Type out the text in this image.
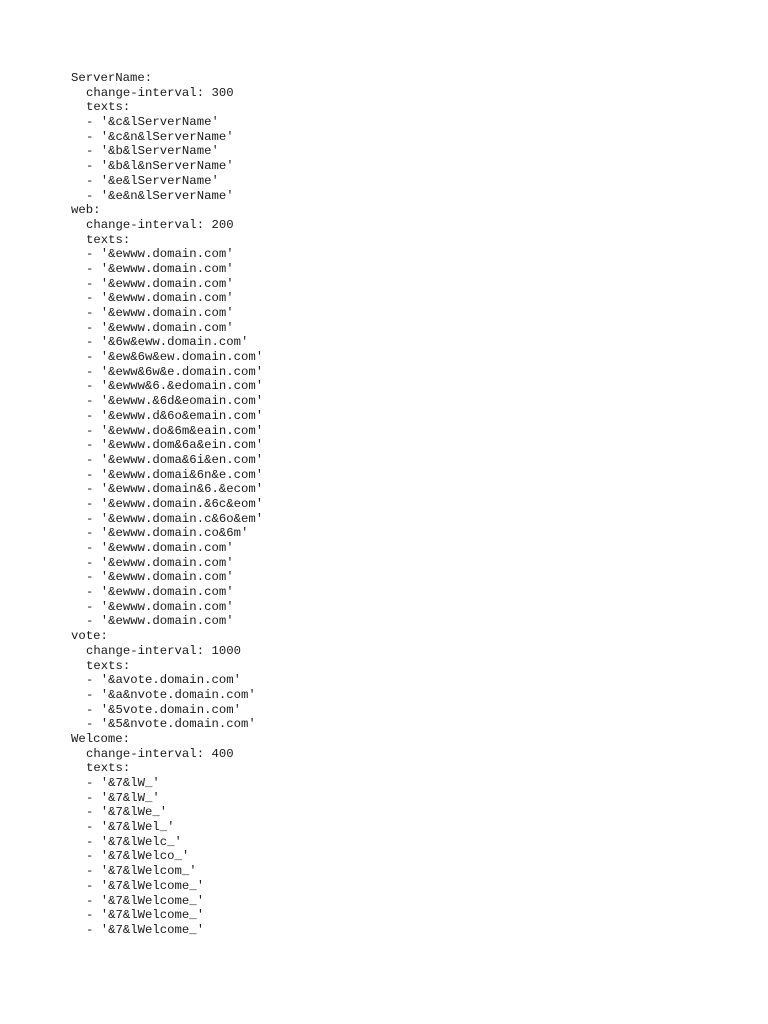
ServerName:
change-interval: 300
texts:
- '&c&lServerName'
- '&c&n&lServerName'
- '&b&lServerName'
- '&b&l&nServerName'
- '&e&lServerName'
- '&e&n&lServerName'
web:
change-interval: 200
texts:
- '&ewww.domain.com'
- '&ewww.domain.com'
- '&ewww.domain.com'
- '&ewww.domain.com'
- '&ewww.domain.com'
- '&ewww.domain.com'
- '&6w&eww.domain.com'
- '&ew&6w&ew.domain.com'
- '&eww&6w&e.domain.com'
- '&ewww&6.&edomain.com'
- '&ewww.&6d&eomain.com'
- '&ewww.d&6o&emain.com'
- '&ewww.do&6m&eain.com'
- '&ewww.dom&6a&ein.com'
- '&ewww.doma&6i&en.com'
- '&ewww.domai&6n&e.com'
- '&ewww.domain&6.&ecom'
- '&ewww.domain.&6c&eom'
- '&ewww.domain.c&6o&em'
- '&ewww.domain.co&6m'
- '&ewww.domain.com'
- '&ewww.domain.com'
- '&ewww.domain.com'
- '&ewww.domain.com'
- '&ewww.domain.com'
- '&ewww.domain.com'
vote:
change-interval: 1000
texts:
- '&avote.domain.com'
- '&a&nvote.domain.com'
- '&5vote.domain.com'
- '&5&nvote.domain.com'
Welcome:
change-interval: 400
texts:
- '&7&lW_'
- '&7&lW_'
- '&7&lWe_'
- '&7&lWel_'
- '&7&lWelc_'
- '&7&lWelco_'
- '&7&lWelcom_'
- '&7&lWelcome_'
- '&7&lWelcome_'
- '&7&lWelcome_'
- '&7&lWelcome_'
